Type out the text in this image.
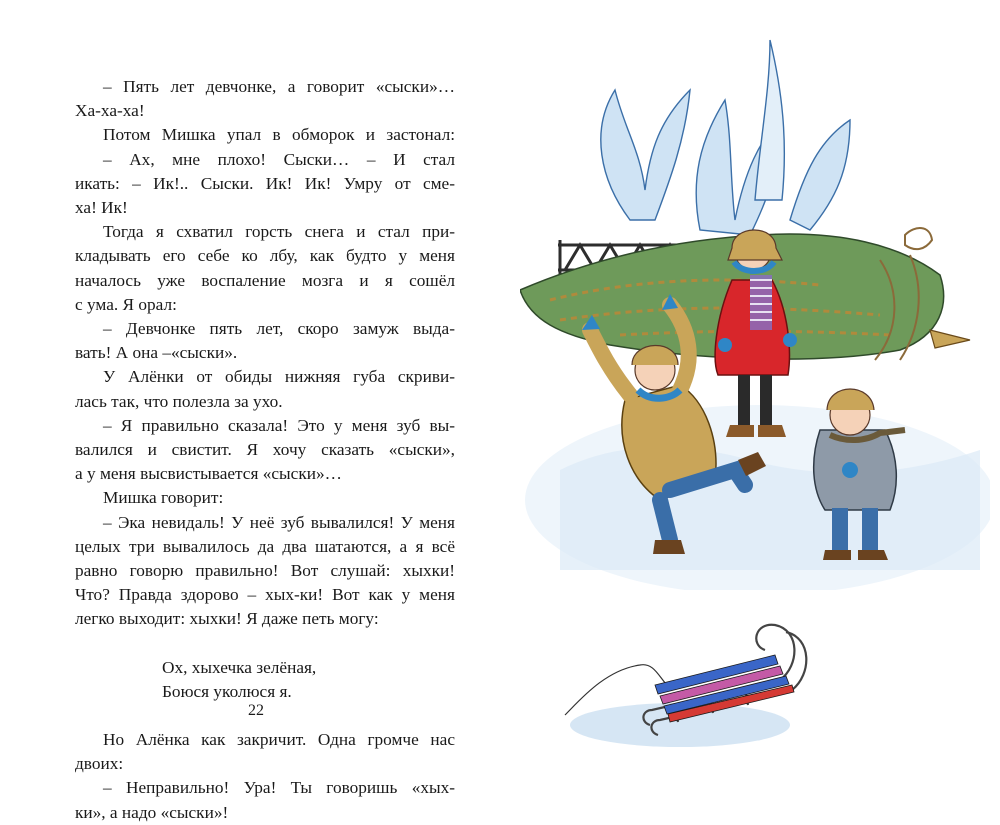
– Пять лет девчонке, а говорит «сыски»…

Ха-ха-ха!

Потом Мишка упал в обморок и застонал:

– Ах, мне плохо! Сыски… – И стал

икать: – Ик!.. Сыски. Ик! Ик! Умру от сме-

ха! Ик!

Тогда я схватил горсть снега и стал при-

кладывать его себе ко лбу, как будто у меня

началось уже воспаление мозга и я сошёл

с ума. Я орал:

– Девчонке пять лет, скоро замуж выда-

вать! А она –«сыски».

У Алёнки от обиды нижняя губа скриви-

лась так, что полезла за ухо.

– Я правильно сказала! Это у меня зуб вы-

валился и свистит. Я хочу сказать «сыски»,

а у меня высвистывается «сыски»…

Мишка говорит:

– Эка невидаль! У неё зуб вывалился! У меня

целых три вывалилось да два шатаются, а я всё

равно говорю правильно! Вот слушай: хыхки!

Что? Правда здорово – хых-ки! Вот как у меня

легко выходит: хыхки! Я даже петь могу:

Ох, хыхечка зелёная,
Боюся уколюся я.

Но Алёнка как закричит. Одна громче нас

двоих:

– Неправильно! Ура! Ты говоришь «хых-

ки», а надо «сыски»!

22
